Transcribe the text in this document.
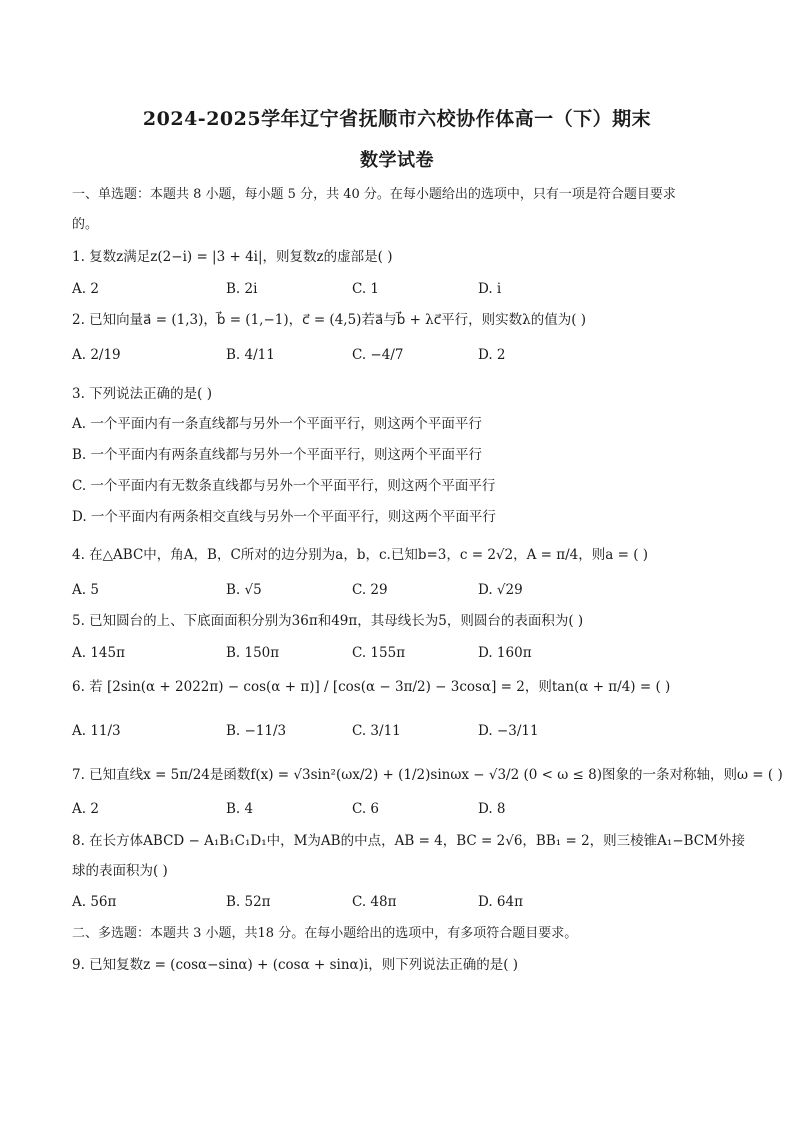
2024-2025学年辽宁省抚顺市六校协作体高一（下）期末
数学试卷
一、单选题：本题共 8 小题，每小题 5 分，共 40 分。在每小题给出的选项中，只有一项是符合题目要求
的。
1. 复数z满足z(2−i) = |3 + 4i|，则复数z的虚部是( )
A. 2	B. 2i	C. 1	D. i
2. 已知向量a⃗ = (1,3)，b⃗ = (1,−1)，c⃗ = (4,5)若a⃗与b⃗ + λc⃗平行，则实数λ的值为( )
A. 2/19	B. 4/11	C. −4/7	D. 2
3. 下列说法正确的是( )
A. 一个平面内有一条直线都与另外一个平面平行，则这两个平面平行
B. 一个平面内有两条直线都与另外一个平面平行，则这两个平面平行
C. 一个平面内有无数条直线都与另外一个平面平行，则这两个平面平行
D. 一个平面内有两条相交直线与另外一个平面平行，则这两个平面平行
4. 在△ABC中，角A，B，C所对的边分别为a，b，c.已知b=3，c = 2√2，A = π/4，则a = ( )
A. 5	B. √5	C. 29	D. √29
5. 已知圆台的上、下底面面积分别为36π和49π，其母线长为5，则圆台的表面积为( )
A. 145π	B. 150π	C. 155π	D. 160π
6. 若 [2sin(α + 2022π) − cos(α + π)] / [cos(α − 3π/2) − 3cosα] = 2，则tan(α + π/4) = ( )
A. 11/3	B. −11/3	C. 3/11	D. −3/11
7. 已知直线x = 5π/24是函数f(x) = √3sin²(ωx/2) + (1/2)sinωx − √3/2 (0 < ω ≤ 8)图象的一条对称轴，则ω = ( )
A. 2	B. 4	C. 6	D. 8
8. 在长方体ABCD − A₁B₁C₁D₁中，M为AB的中点，AB = 4，BC = 2√6，BB₁ = 2，则三棱锥A₁−BCM外接
球的表面积为( )
A. 56π	B. 52π	C. 48π	D. 64π
二、多选题：本题共 3 小题，共18 分。在每小题给出的选项中，有多项符合题目要求。
9. 已知复数z = (cosα−sinα) + (cosα + sinα)i，则下列说法正确的是( )
